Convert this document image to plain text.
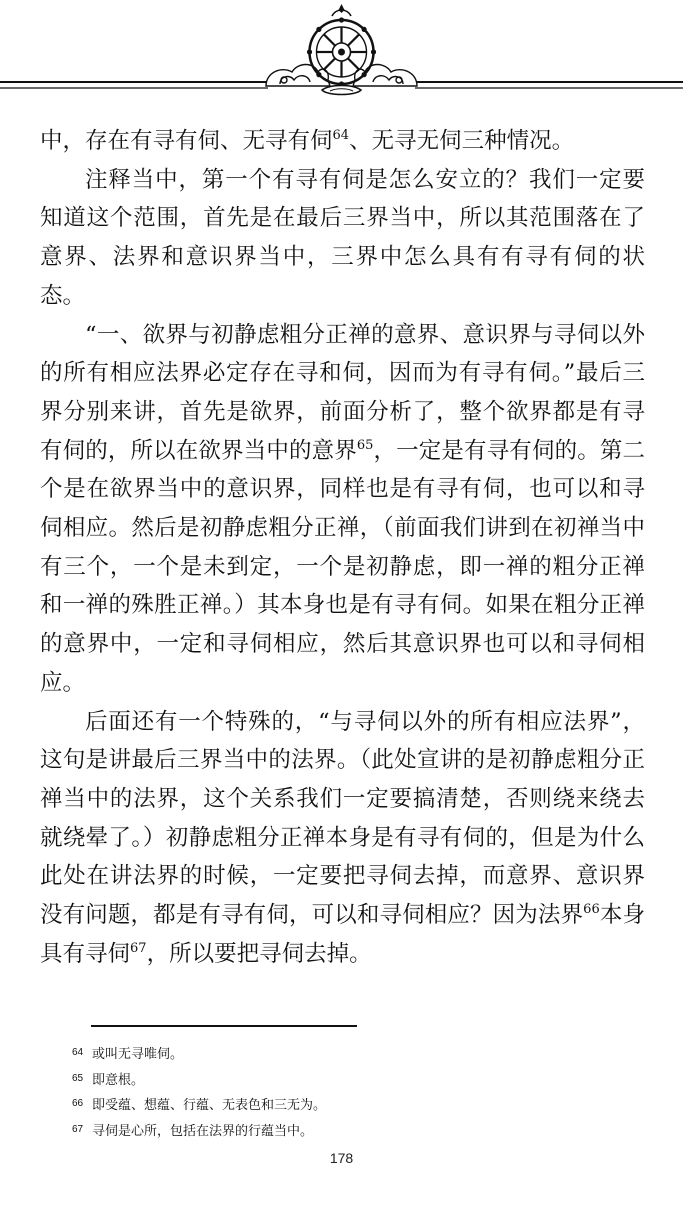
中，存在有寻有伺、无寻有伺$^{64}$、无寻无伺三种情况。

注释当中，第一个有寻有伺是怎么安立的？我们一定要知道这个范围，首先是在最后三界当中，所以其范围落在了意界、法界和意识界当中，三界中怎么具有有寻有伺的状态。

“一、欲界与初静虑粗分正禅的意界、意识界与寻伺以外的所有相应法界必定存在寻和伺，因而为有寻有伺。”最后三界分别来讲，首先是欲界，前面分析了，整个欲界都是有寻有伺的，所以在欲界当中的意界$^{65}$，一定是有寻有伺的。第二个是在欲界当中的意识界，同样也是有寻有伺，也可以和寻伺相应。然后是初静虑粗分正禅，（前面我们讲到在初禅当中有三个，一个是未到定，一个是初静虑，即一禅的粗分正禅和一禅的殊胜正禅。）其本身也是有寻有伺。如果在粗分正禅的意界中，一定和寻伺相应，然后其意识界也可以和寻伺相应。

后面还有一个特殊的，“与寻伺以外的所有相应法界”，这句是讲最后三界当中的法界。（此处宣讲的是初静虑粗分正禅当中的法界，这个关系我们一定要搞清楚，否则绕来绕去就绕晕了。）初静虑粗分正禅本身是有寻有伺的，但是为什么此处在讲法界的时候，一定要把寻伺去掉，而意界、意识界没有问题，都是有寻有伺，可以和寻伺相应？因为法界$^{66}$本身具有寻伺$^{67}$，所以要把寻伺去掉。

64 或叫无寻唯伺。
65 即意根。
66 即受蕴、想蕴、行蕴、无表色和三无为。
67 寻伺是心所，包括在法界的行蕴当中。
178
